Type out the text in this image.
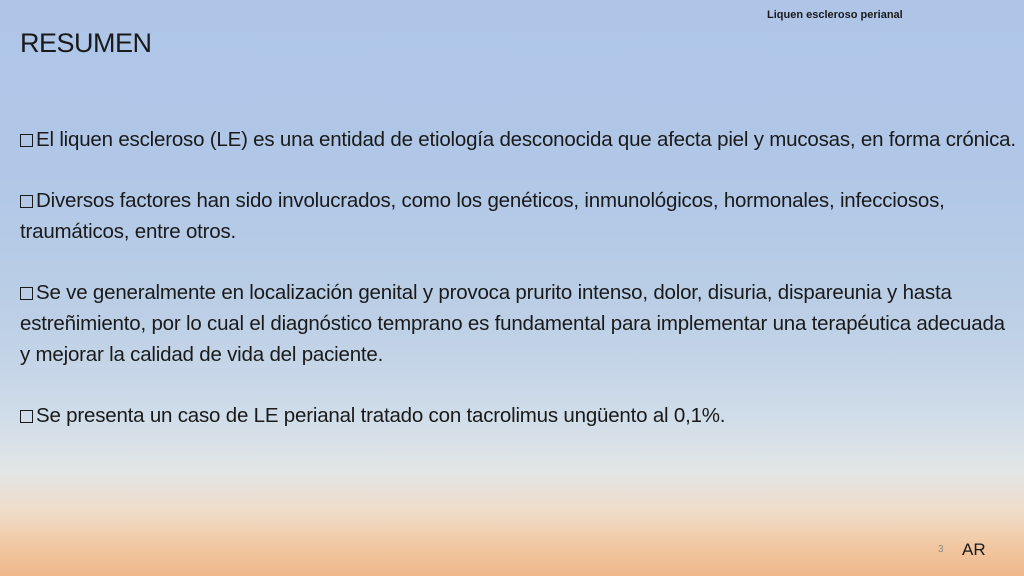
Liquen escleroso perianal
RESUMEN

El liquen escleroso (LE) es una entidad de etiología desconocida que afecta piel y mucosas, en forma crónica.

Diversos factores han sido involucrados, como los genéticos, inmunológicos, hormonales, infecciosos, traumáticos, entre otros.

Se ve generalmente en localización genital y provoca prurito intenso, dolor, disuria, dispareunia y hasta estreñimiento, por lo cual el diagnóstico temprano es fundamental para implementar una terapéutica adecuada y mejorar la calidad de vida del paciente.

Se presenta un caso de LE perianal tratado con tacrolimus ungüento al 0,1%.

3 AR
